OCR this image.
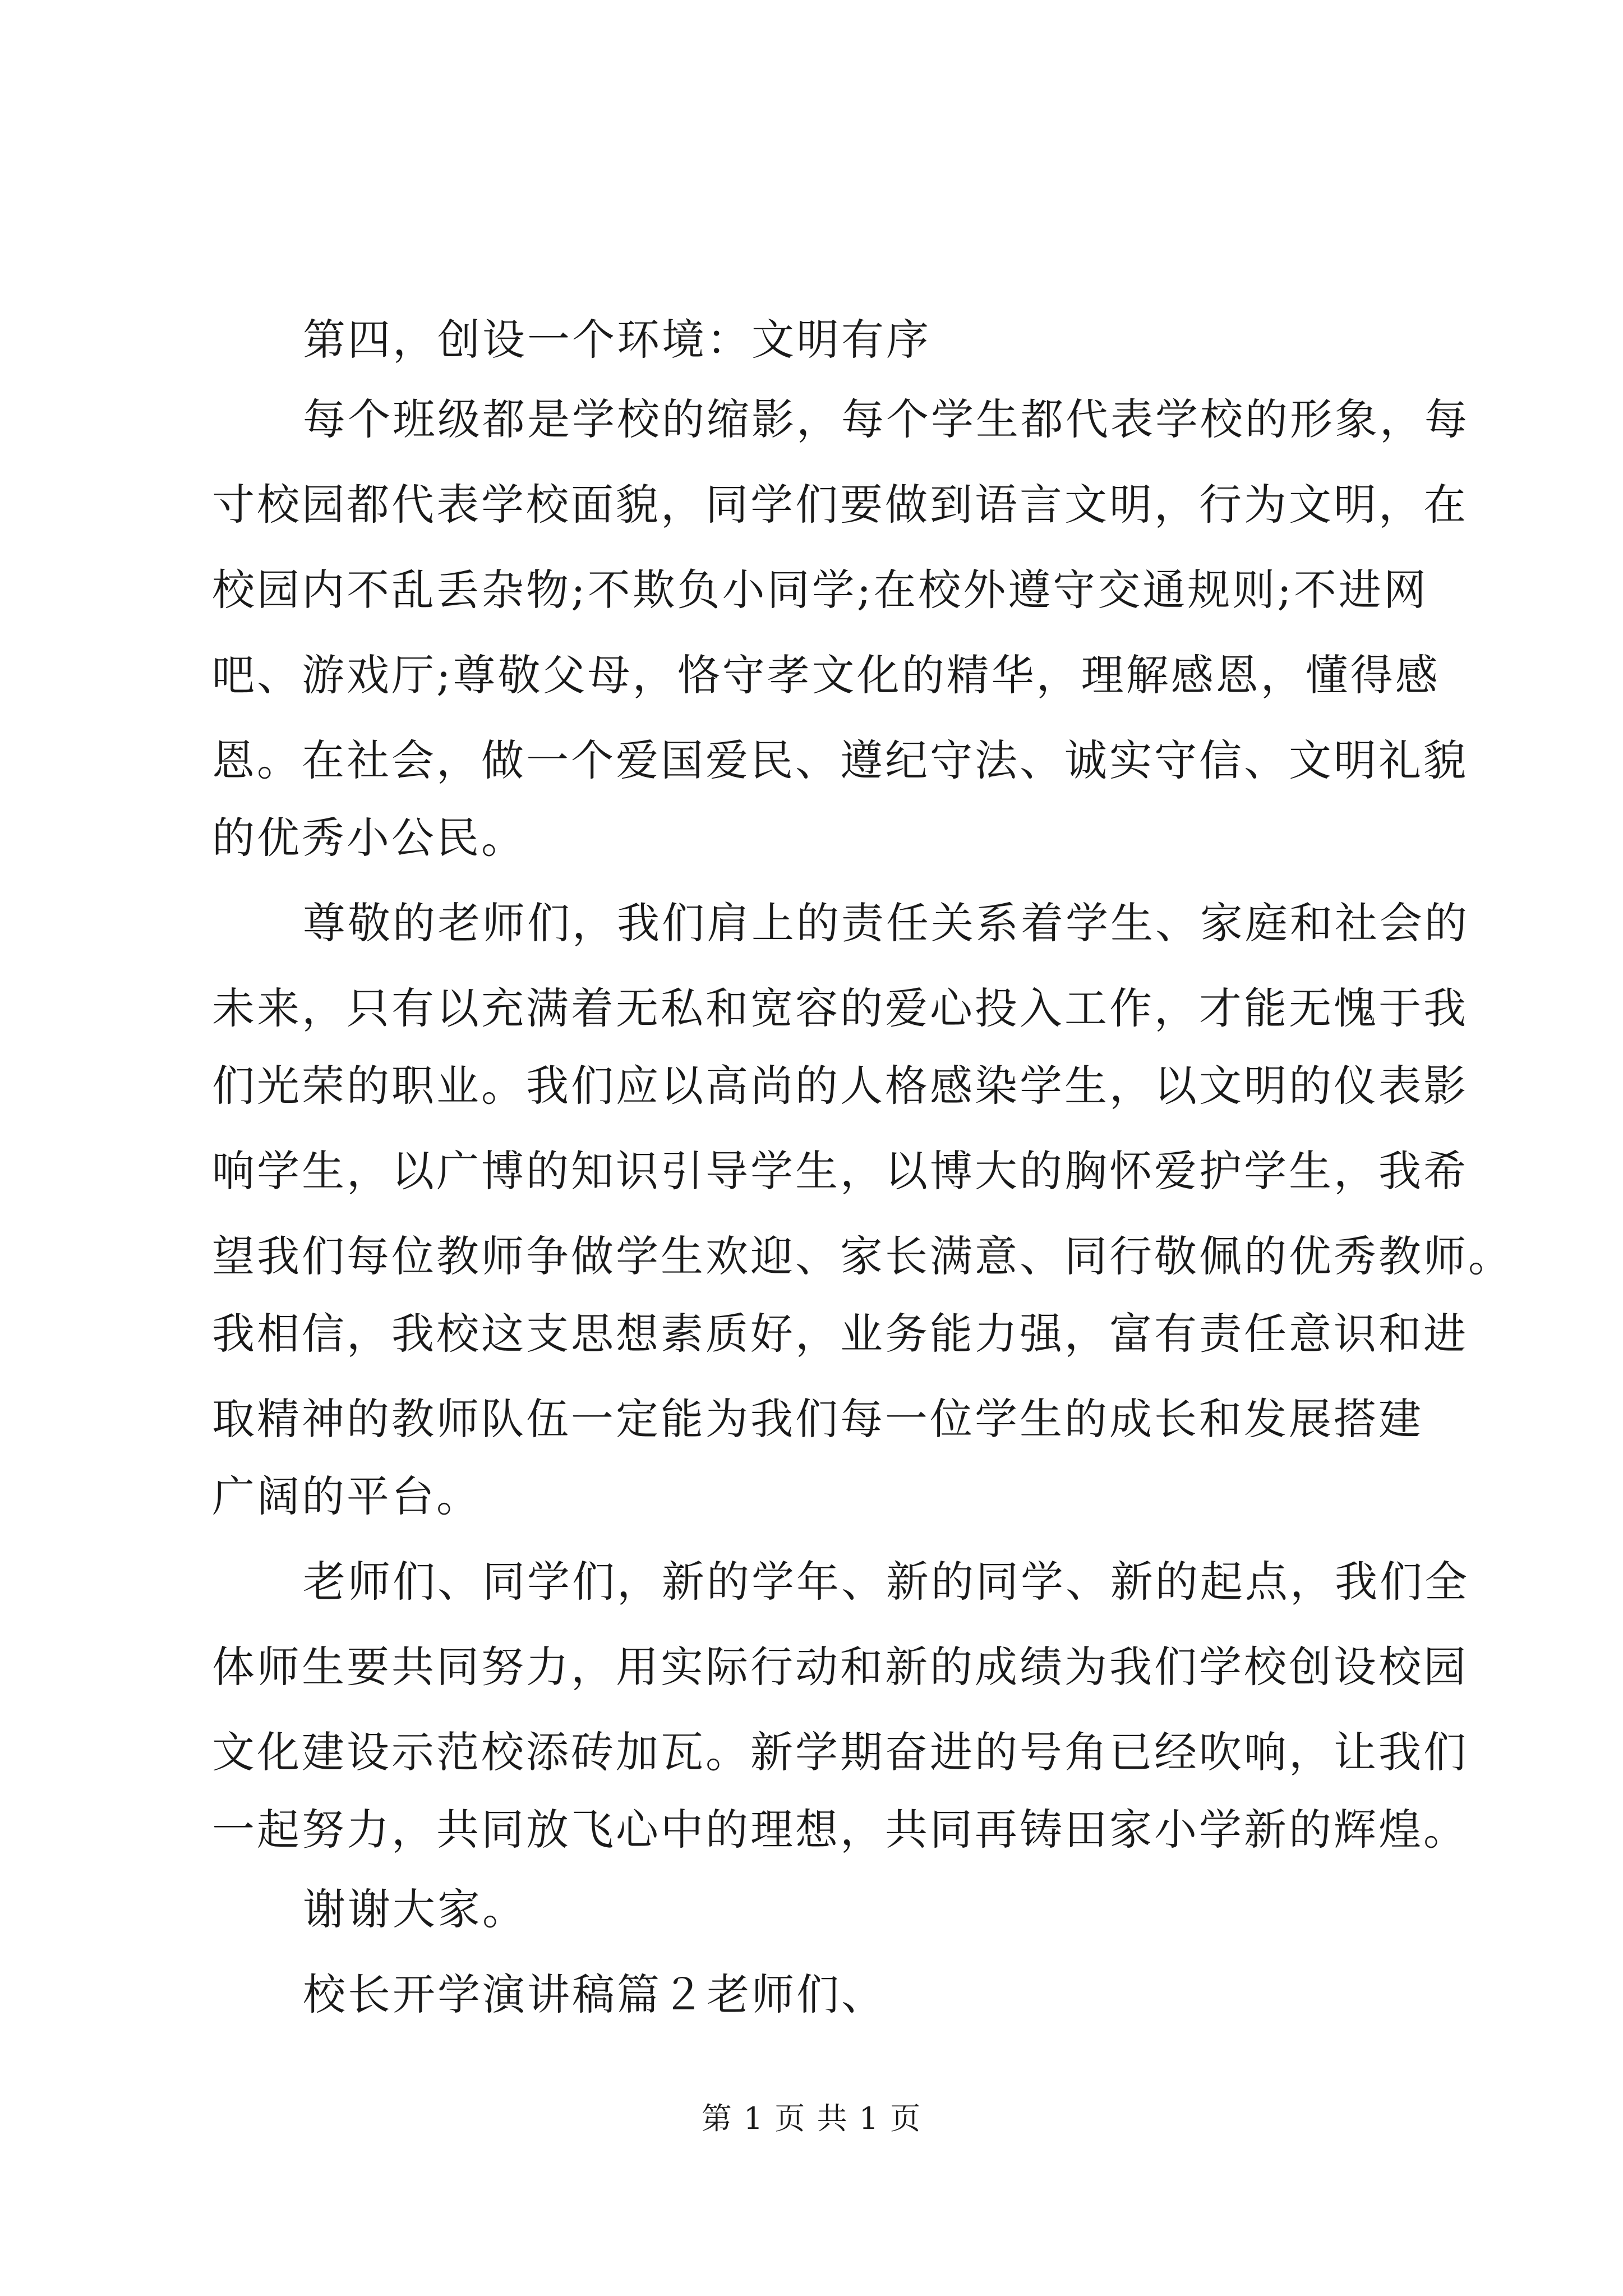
第四，创设一个环境：文明有序
每个班级都是学校的缩影，每个学生都代表学校的形象，每
寸校园都代表学校面貌，同学们要做到语言文明，行为文明，在
校园内不乱丢杂物;不欺负小同学;在校外遵守交通规则;不进网
吧、游戏厅;尊敬父母，恪守孝文化的精华，理解感恩，懂得感
恩。在社会，做一个爱国爱民、遵纪守法、诚实守信、文明礼貌
的优秀小公民。
尊敬的老师们，我们肩上的责任关系着学生、家庭和社会的
未来，只有以充满着无私和宽容的爱心投入工作，才能无愧于我
们光荣的职业。我们应以高尚的人格感染学生，以文明的仪表影
响学生，以广博的知识引导学生，以博大的胸怀爱护学生，我希
望我们每位教师争做学生欢迎、家长满意、同行敬佩的优秀教师。
我相信，我校这支思想素质好，业务能力强，富有责任意识和进
取精神的教师队伍一定能为我们每一位学生的成长和发展搭建
广阔的平台。
老师们、同学们，新的学年、新的同学、新的起点，我们全
体师生要共同努力，用实际行动和新的成绩为我们学校创设校园
文化建设示范校添砖加瓦。新学期奋进的号角已经吹响，让我们
一起努力，共同放飞心中的理想，共同再铸田家小学新的辉煌。
谢谢大家。
校长开学演讲稿篇２老师们、
第 1 页 共 1 页
